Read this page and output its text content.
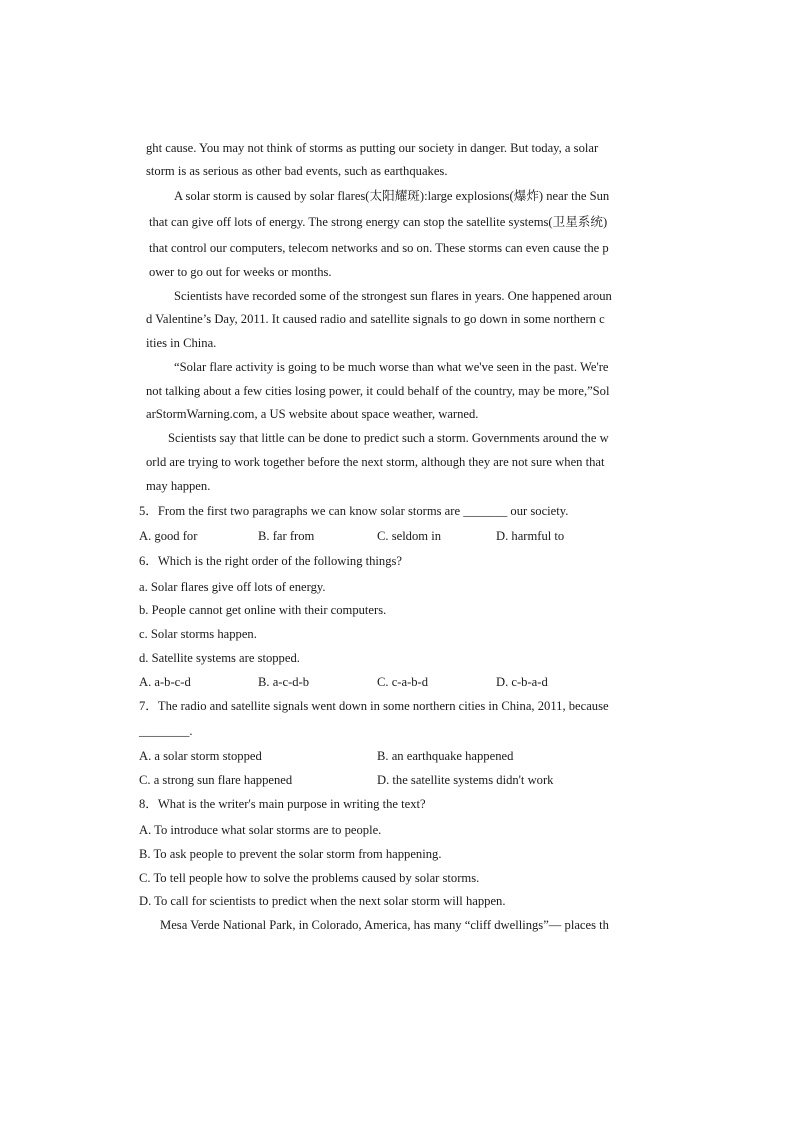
ght cause. You may not think of storms as putting our society in danger. But today, a solar
storm is as serious as other bad events, such as earthquakes.
A solar storm is caused by solar flares(太阳耀斑):large explosions(爆炸) near the Sun
that can give off lots of energy. The strong energy can stop the satellite systems(卫星系统)
that control our computers, telecom networks and so on. These storms can even cause the p
ower to go out for weeks or months.
Scientists have recorded some of the strongest sun flares in years. One happened aroun
d Valentine’s Day, 2011. It caused radio and satellite signals to go down in some northern c
ities in China.
“Solar flare activity is going to be much worse than what we've seen in the past. We're
not talking about a few cities losing power, it could behalf of the country, may be more,”Sol
arStormWarning.com, a US website about space weather, warned.
Scientists say that little can be done to predict such a storm. Governments around the w
orld are trying to work together before the next storm, although they are not sure when that
may happen.
5．From the first two paragraphs we can know solar storms are _______ our society.
A. good for	B. far from	C. seldom in	D. harmful to
6．Which is the right order of the following things?
a. Solar flares give off lots of energy.
b. People cannot get online with their computers.
c. Solar storms happen.
d. Satellite systems are stopped.
A. a-b-c-d	B. a-c-d-b	C. c-a-b-d	D. c-b-a-d
7．The radio and satellite signals went down in some northern cities in China, 2011, because
________.
A. a solar storm stopped	B. an earthquake happened
C. a strong sun flare happened	D. the satellite systems didn't work
8．What is the writer's main purpose in writing the text?
A. To introduce what solar storms are to people.
B. To ask people to prevent the solar storm from happening.
C. To tell people how to solve the problems caused by solar storms.
D. To call for scientists to predict when the next solar storm will happen.
Mesa Verde National Park, in Colorado, America, has many “cliff dwellings”— places th
